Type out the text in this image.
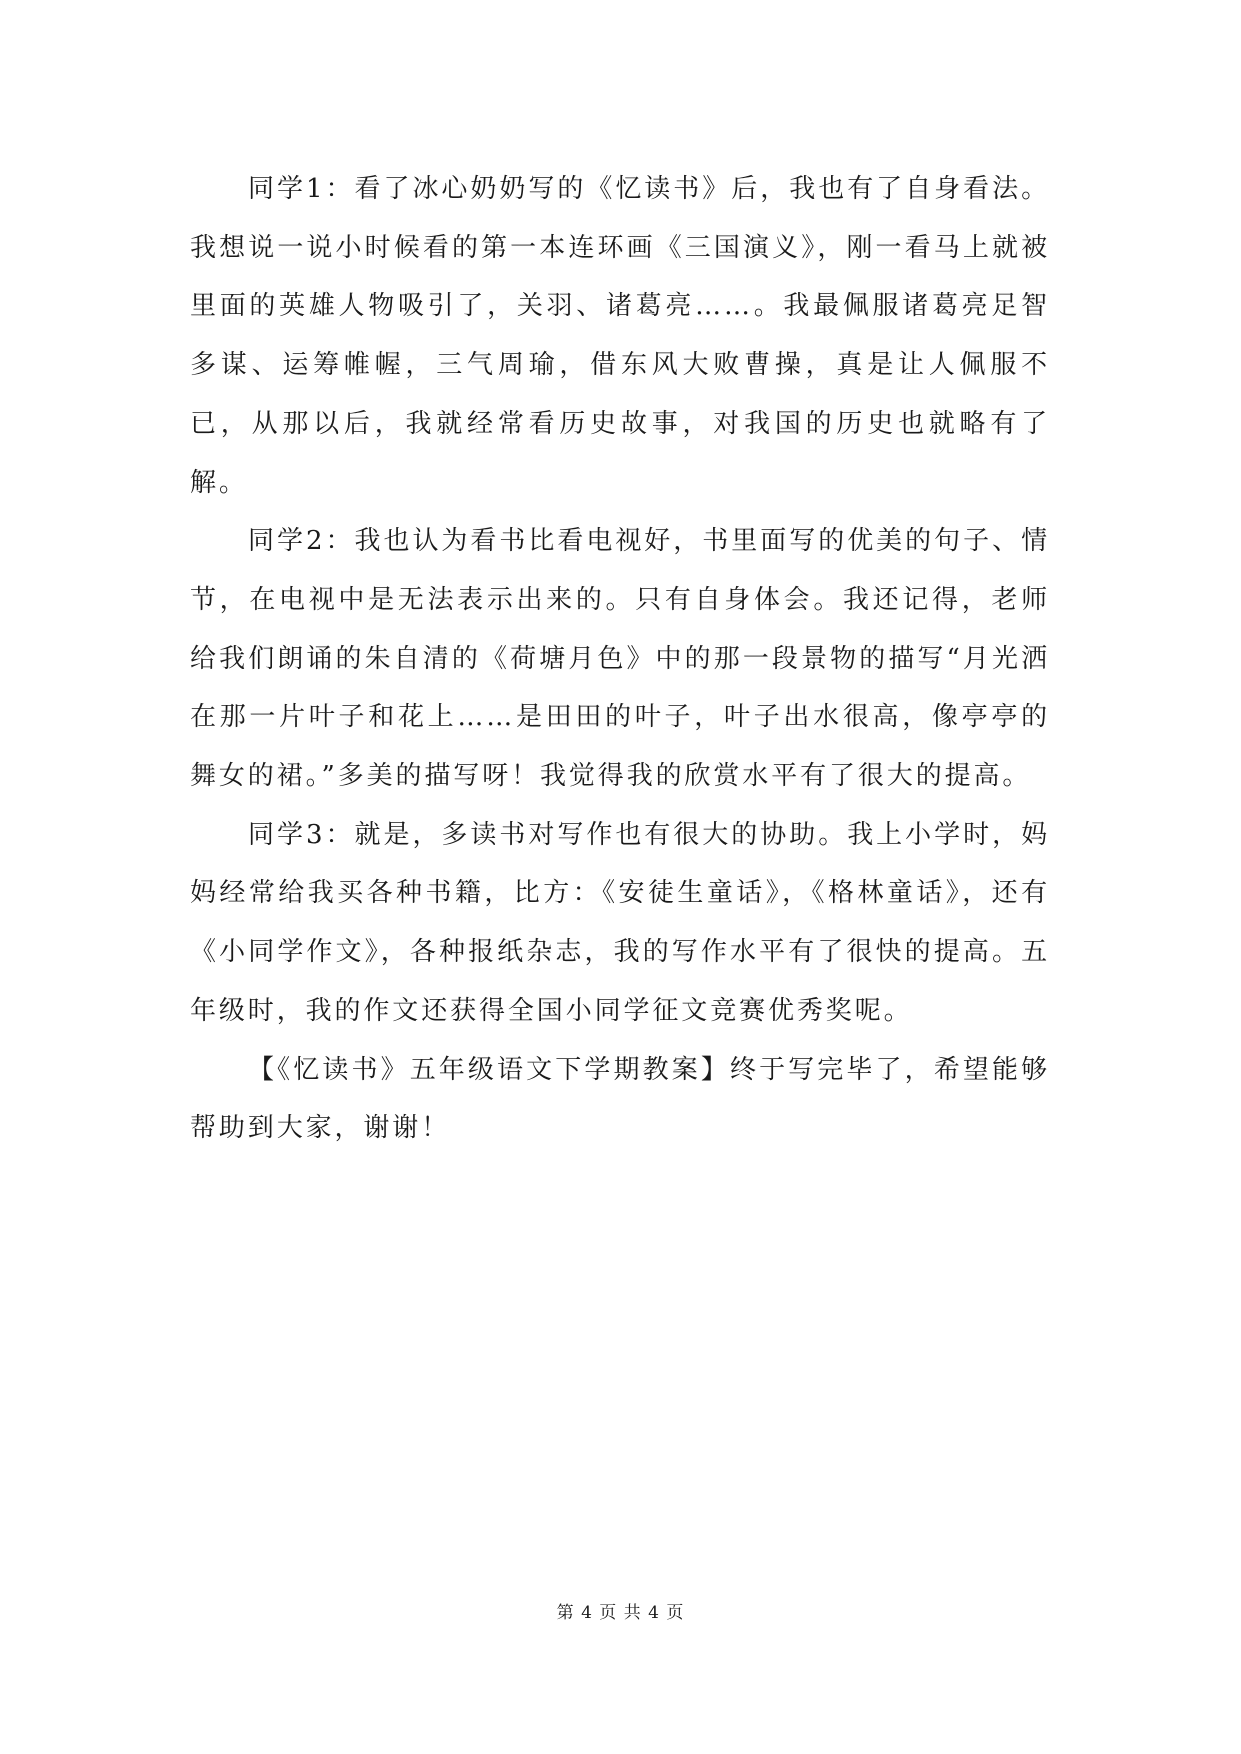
同学1：看了冰心奶奶写的《忆读书》后，我也有了自身看法。我想说一说小时候看的第一本连环画《三国演义》，刚一看马上就被里面的英雄人物吸引了，关羽、诸葛亮……。我最佩服诸葛亮足智多谋、运筹帷幄，三气周瑜，借东风大败曹操，真是让人佩服不已，从那以后，我就经常看历史故事，对我国的历史也就略有了解。

同学2：我也认为看书比看电视好，书里面写的优美的句子、情节，在电视中是无法表示出来的。只有自身体会。我还记得，老师给我们朗诵的朱自清的《荷塘月色》中的那一段景物的描写“月光洒在那一片叶子和花上……是田田的叶子，叶子出水很高，像亭亭的舞女的裙。”多美的描写呀！我觉得我的欣赏水平有了很大的提高。

同学3：就是，多读书对写作也有很大的协助。我上小学时，妈妈经常给我买各种书籍，比方：《安徒生童话》，《格林童话》，还有《小同学作文》，各种报纸杂志，我的写作水平有了很快的提高。五年级时，我的作文还获得全国小同学征文竞赛优秀奖呢。

【《忆读书》五年级语文下学期教案】终于写完毕了，希望能够帮助到大家，谢谢！

第 4 页 共 4 页
